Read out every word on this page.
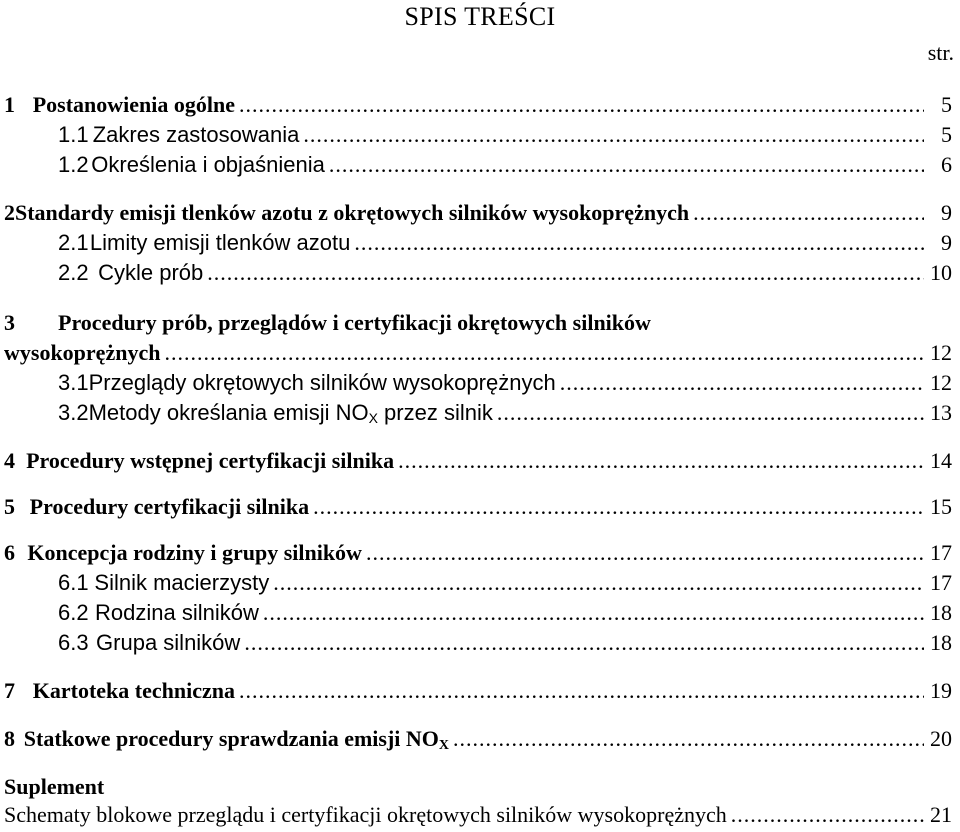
SPIS TREŚCI
str.
1 Postanowienia ogólne .....	5
1.1 Zakres zastosowania .....	5
1.2 Określenia i objaśnienia .....	6
2 Standardy emisji tlenków azotu z okrętowych silników wysokoprężnych .....	9
2.1 Limity emisji tlenków azotu .....	9
2.2 Cykle prób .....	10
3	Procedury prób, przeglądów i certyfikacji okrętowych silników
wysokoprężnych .....	12
3.1 Przeglądy okrętowych silników wysokoprężnych .....	12
3.2 Metody określania emisji $NO_X$ przez silnik .....	13
4 Procedury wstępnej certyfikacji silnika .....	14
5 Procedury certyfikacji silnika .....	15
6 Koncepcja rodziny i grupy silników .....	17
6.1 Silnik macierzysty .....	17
6.2 Rodzina silników .....	18
6.3 Grupa silników .....	18
7 Kartoteka techniczna .....	19
8 Statkowe procedury sprawdzania emisji $NO_X$ .....	20
Suplement
Schematy blokowe przeglądu i certyfikacji okrętowych silników wysokoprężnych .....	21
